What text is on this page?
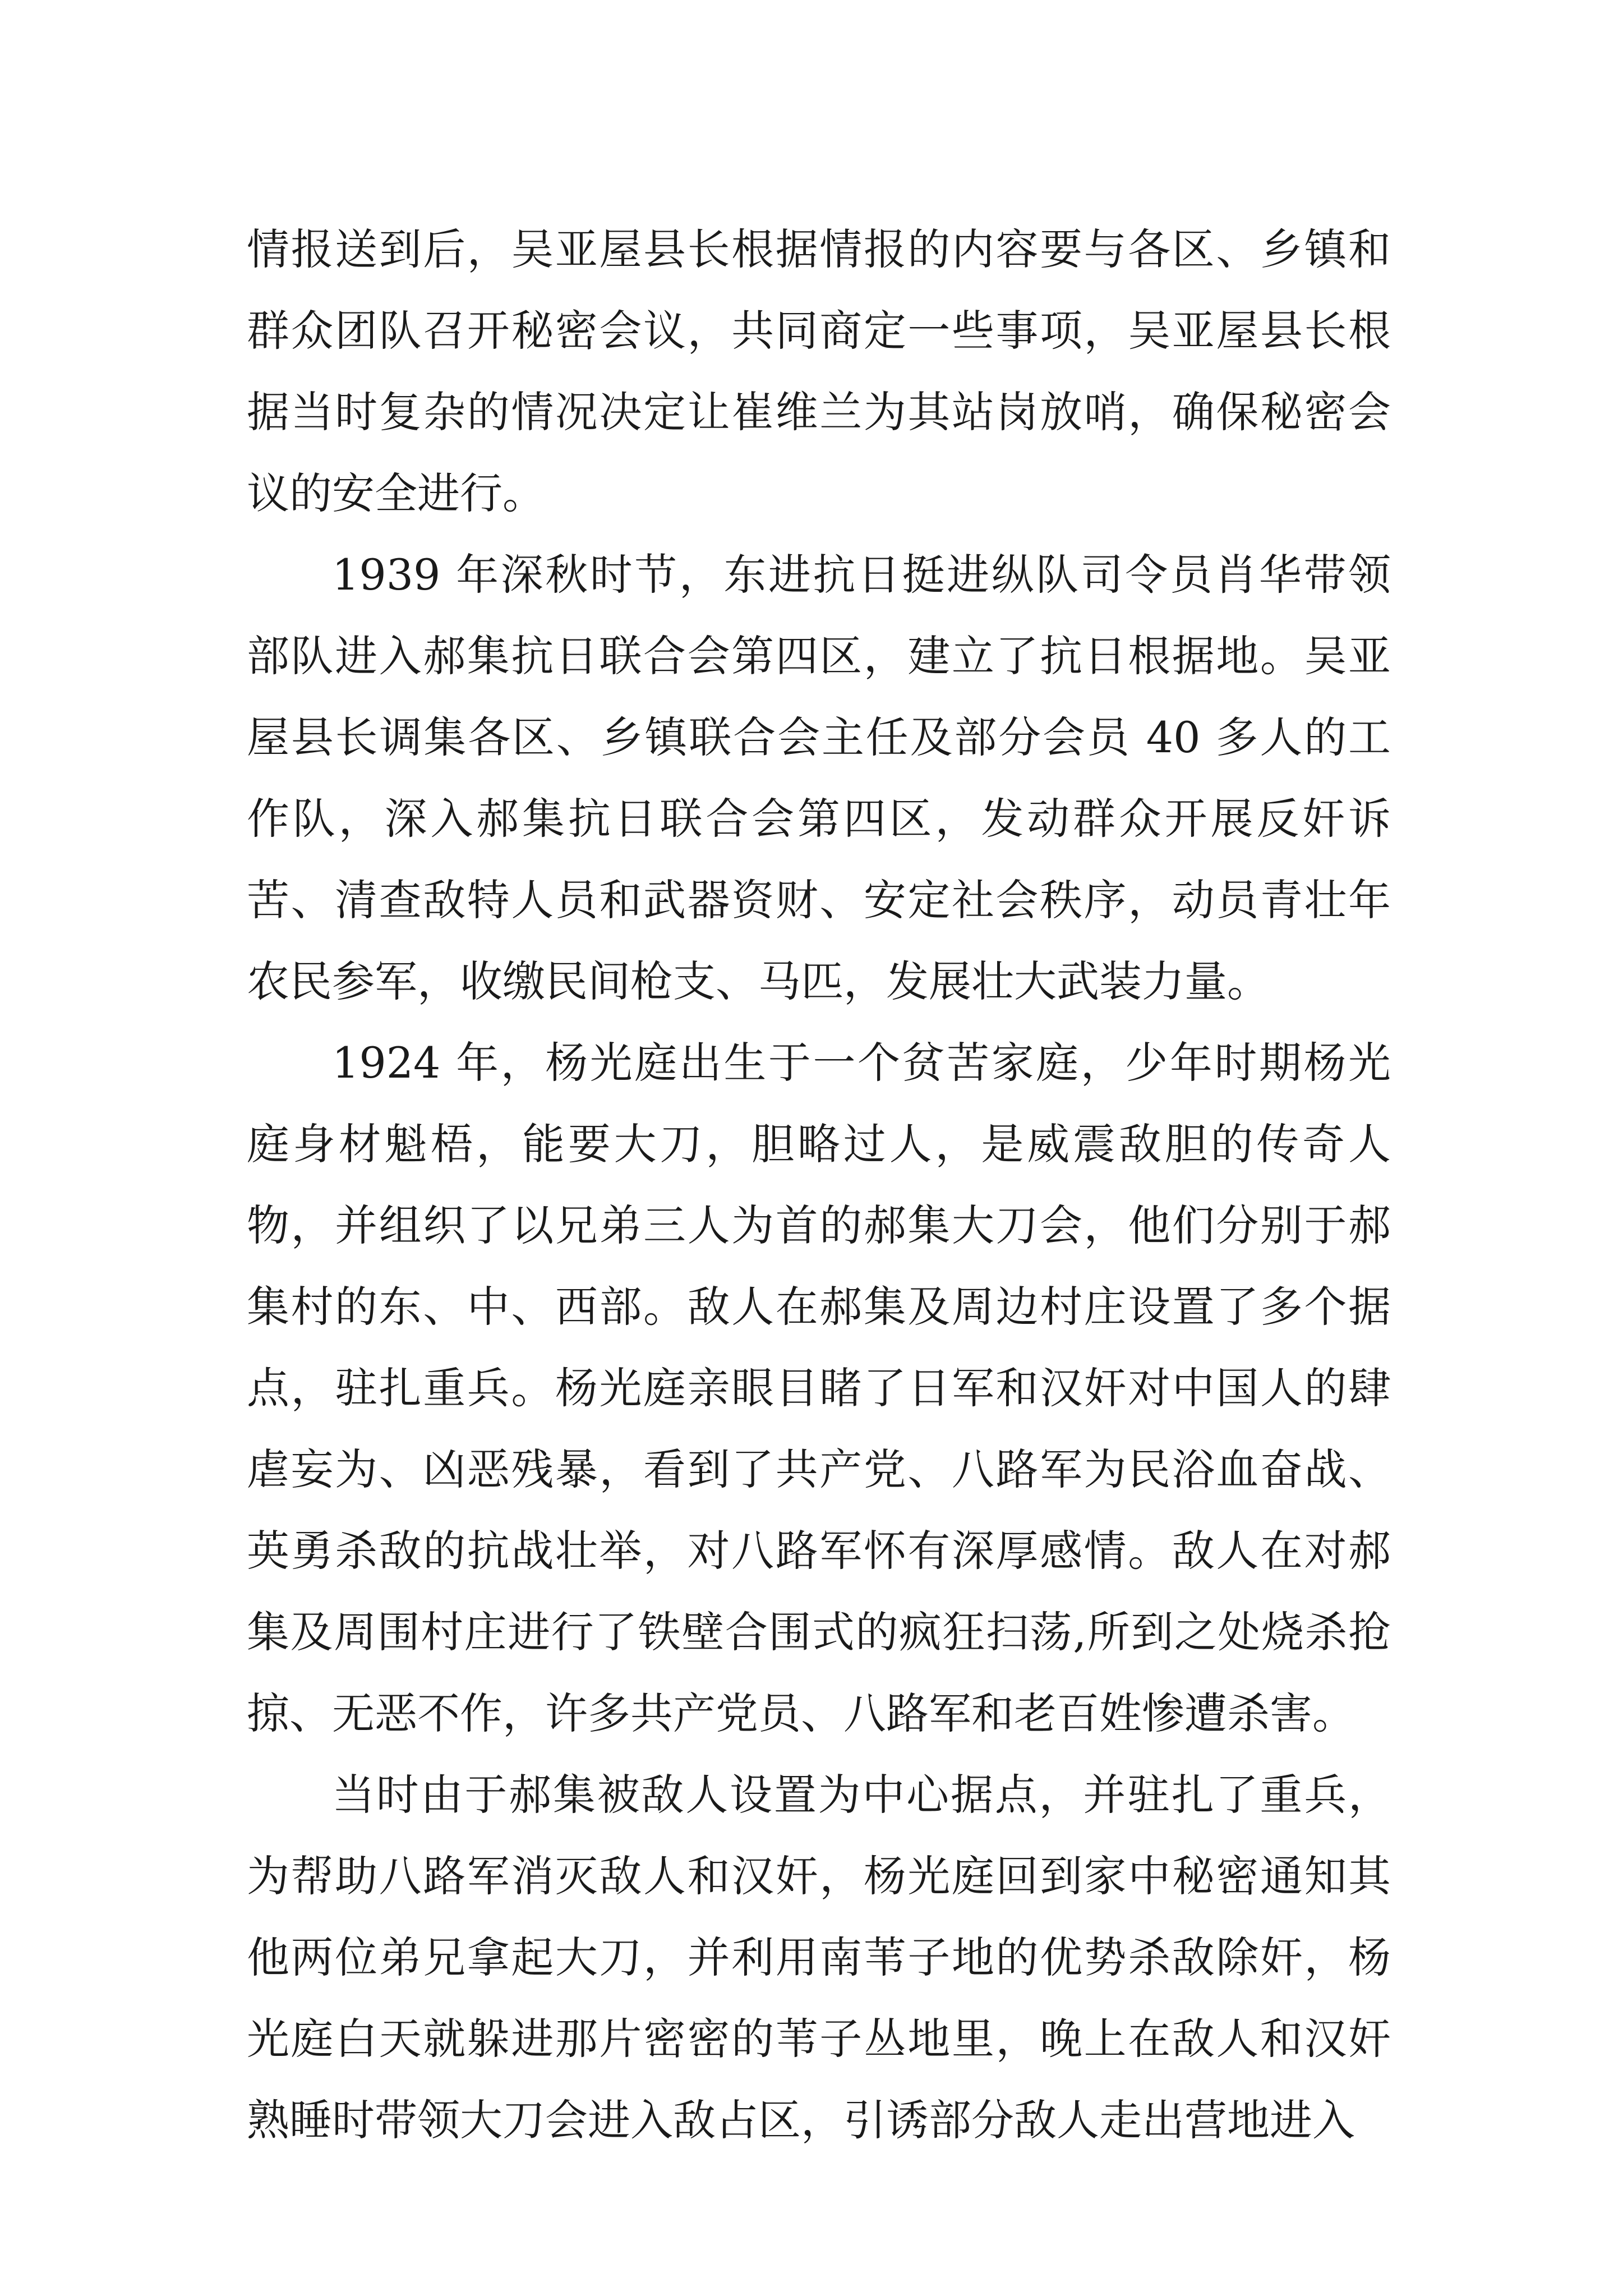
情报送到后，吴亚屋县长根据情报的内容要与各区、乡镇和群众团队召开秘密会议，共同商定一些事项，吴亚屋县长根据当时复杂的情况决定让崔维兰为其站岗放哨，确保秘密会议的安全进行。

1939 年深秋时节，东进抗日挺进纵队司令员肖华带领部队进入郝集抗日联合会第四区，建立了抗日根据地。吴亚屋县长调集各区、乡镇联合会主任及部分会员 40 多人的工作队，深入郝集抗日联合会第四区，发动群众开展反奸诉苦、清查敌特人员和武器资财、安定社会秩序，动员青壮年农民参军，收缴民间枪支、马匹，发展壮大武装力量。

1924 年，杨光庭出生于一个贫苦家庭，少年时期杨光庭身材魁梧，能要大刀，胆略过人，是威震敌胆的传奇人物，并组织了以兄弟三人为首的郝集大刀会，他们分别于郝集村的东、中、西部。敌人在郝集及周边村庄设置了多个据点，驻扎重兵。杨光庭亲眼目睹了日军和汉奸对中国人的肆虐妄为、凶恶残暴，看到了共产党、八路军为民浴血奋战、英勇杀敌的抗战壮举，对八路军怀有深厚感情。敌人在对郝集及周围村庄进行了铁壁合围式的疯狂扫荡,所到之处烧杀抢掠、无恶不作，许多共产党员、八路军和老百姓惨遭杀害。

当时由于郝集被敌人设置为中心据点，并驻扎了重兵，为帮助八路军消灭敌人和汉奸，杨光庭回到家中秘密通知其他两位弟兄拿起大刀，并利用南苇子地的优势杀敌除奸，杨光庭白天就躲进那片密密的苇子丛地里，晚上在敌人和汉奸熟睡时带领大刀会进入敌占区，引诱部分敌人走出营地进入
